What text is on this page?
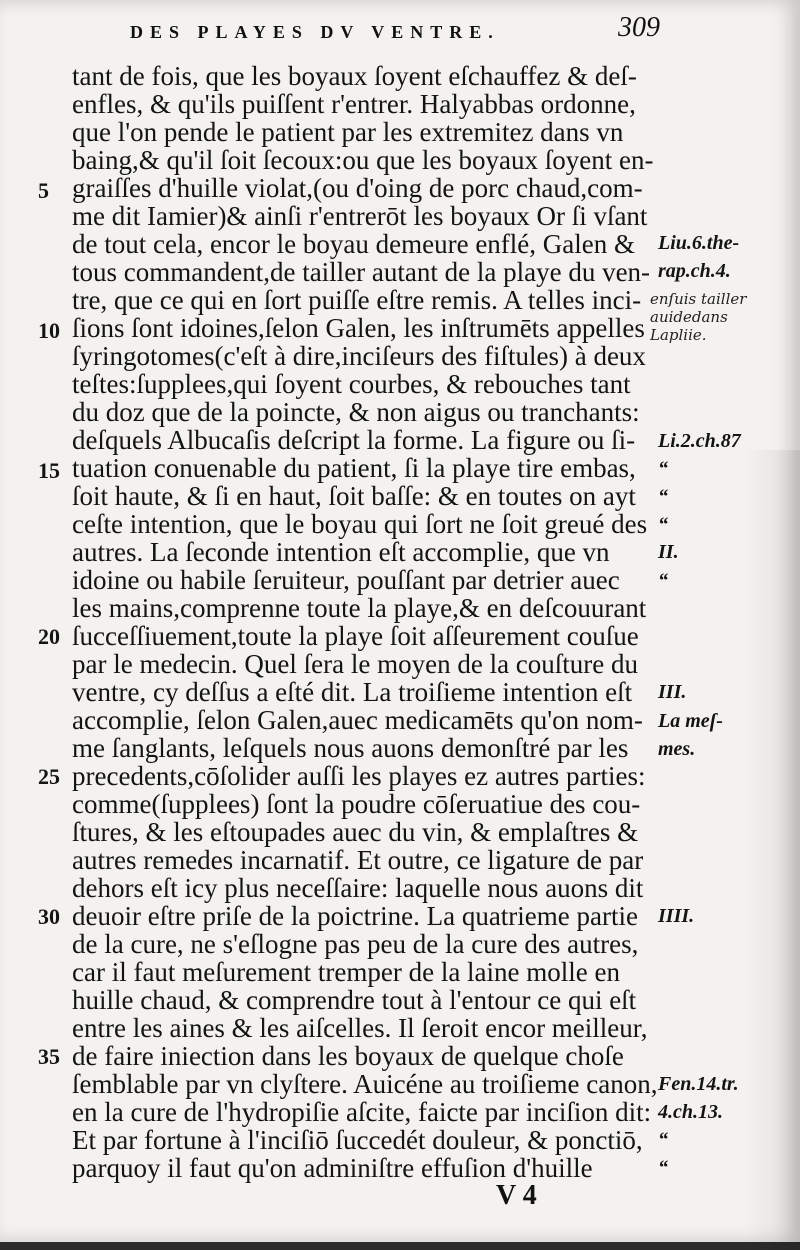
DES PLAYES DV VENTRE.	309
tant de fois, que les boyaux ſoyent eſchauffez & deſ-
enfles, & qu'ils puiſſent r'entrer. Halyabbas ordonne,
que l'on pende le patient par les extremitez dans vn
baing,& qu'il ſoit ſecoux:ou que les boyaux ſoyent en-
graiſſes d'huille violat,(ou d'oing de porc chaud,com-
me dit Iamier)& ainſi r'entrerōt les boyaux Or ſi vſant
de tout cela, encor le boyau demeure enflé, Galen &
tous commandent,de tailler autant de la playe du ven-
tre, que ce qui en ſort puiſſe eſtre remis. A telles inci-
ſions ſont idoines,ſelon Galen, les inſtrumēts appelles
ſyringotomes(c'eſt à dire,inciſeurs des fiſtules) à deux
teſtes:ſupplees,qui ſoyent courbes, & rebouches tant
du doz que de la poincte, & non aigus ou tranchants:
deſquels Albucaſis deſcript la forme. La figure ou ſi-
tuation conuenable du patient, ſi la playe tire embas,
ſoit haute, & ſi en haut, ſoit baſſe: & en toutes on ayt
ceſte intention, que le boyau qui ſort ne ſoit greué des
autres. La ſeconde intention eſt accomplie, que vn
idoine ou habile ſeruiteur, pouſſant par detrier auec
les mains,comprenne toute la playe,& en deſcouurant
ſucceſſiuement,toute la playe ſoit aſſeurement couſue
par le medecin. Quel ſera le moyen de la couſture du
ventre, cy deſſus a eſté dit. La troiſieme intention eſt
accomplie, ſelon Galen,auec medicamēts qu'on nom-
me ſanglants, leſquels nous auons demonſtré par les
precedents,cōſolider auſſi les playes ez autres parties:
comme(ſupplees) ſont la poudre cōſeruatiue des cou-
ſtures, & les eſtoupades auec du vin, & emplaſtres &
autres remedes incarnatif. Et outre, ce ligature de par
dehors eſt icy plus neceſſaire: laquelle nous auons dit
deuoir eſtre priſe de la poictrine. La quatrieme partie
de la cure, ne s'eſlogne pas peu de la cure des autres,
car il faut meſurement tremper de la laine molle en
huille chaud, & comprendre tout à l'entour ce qui eſt
entre les aines & les aiſcelles. Il ſeroit encor meilleur,
de faire iniection dans les boyaux de quelque choſe
ſemblable par vn clyſtere. Auicéne au troiſieme canon,
en la cure de l'hydropiſie aſcite, faicte par inciſion dit:
Et par fortune à l'inciſiō ſuccedét douleur, & ponctiō,
parquoy il faut qu'on adminiſtre effuſion d'huille
5
10
15
20
25
30
35
Liu.6.the-
rap.ch.4.
Li.2.ch.87
“
“
“
II.
“
III.
La meſ-
mes.
IIII.
Fen.14.tr.
4.ch.13.
“
“
enſuis tailler
auidedans
Lapliie.
V 4
